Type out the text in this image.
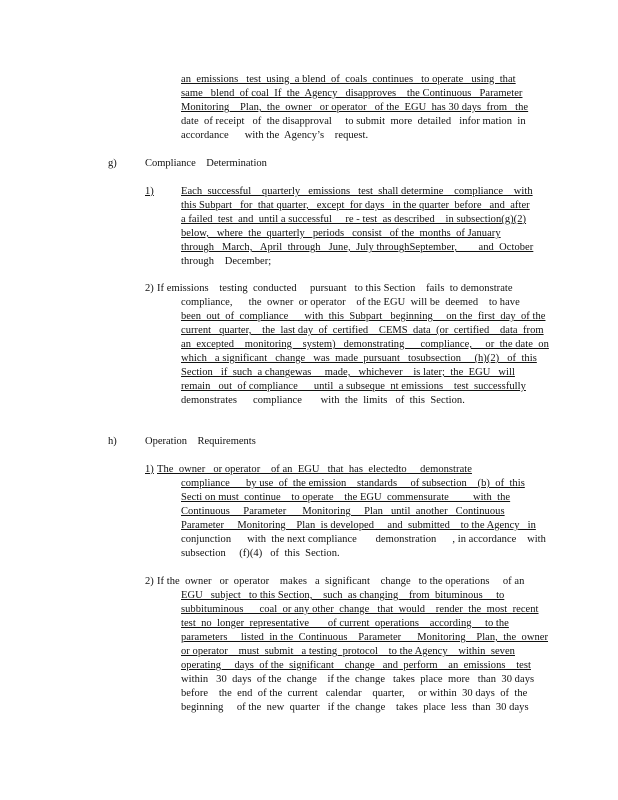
an  emissions   test  using  a blend  of  coals  continues   to operate   using  that
same   blend  of coal  If  the  Agency   disapproves    the Continuous   Parameter
Monitoring    Plan,  the  owner   or operator   of the  EGU  has 30 days  from   the
date  of receipt   of  the disapproval     to submit  more  detailed   infor mation  in
accordance      with the  Agency’s    request.
g)	Compliance    Determination
1)	Each  successful    quarterly   emissions   test  shall determine    compliance    with
this Subpart   for  that quarter,   except  for days   in the quarter  before   and  after
a failed  test  and  until a successful     re - test  as described    in subsection(g)(2)
below,   where  the  quarterly   periods   consist   of the  months  of January
through   March,   April  through   June,  July throughSeptember,        and  October
through    December;
2) If emissions    testing  conducted     pursuant   to this Section    fails  to demonstrate
compliance,      the  owner  or operator    of the EGU  will be  deemed    to have
been  out  of  compliance      with  this  Subpart   beginning     on the  first  day  of the
current   quarter,    the  last day  of  certified    CEMS  data  (or  certified    data  from
an  excepted    monitoring    system)   demonstrating      compliance,     or  the date  on
which   a significant   change   was  made  pursuant   tosubsection     (h)(2)   of  this
Section   if  such  a changewas     made,   whichever    is later;  the  EGU   will
remain   out  of compliance      until  a subseque  nt emissions    test  successfully
demonstrates      compliance       with  the  limits   of  this  Section.
h)	Operation    Requirements
1) The  owner   or operator    of an  EGU   that  has  electedto     demonstrate
compliance      by use  of  the emission    standards     of subsection    (b)  of  this
Secti on must  continue    to operate    the EGU  commensurate         with  the
Continuous     Parameter      Monitoring     Plan   until  another   Continuous
Parameter     Monitoring    Plan  is developed     and  submitted    to the Agency   in
conjunction      with  the next compliance       demonstration      , in accordance    with
subsection     (f)(4)   of  this  Section.
2) If the  owner   or  operator    makes   a  significant    change   to the operations     of an
EGU   subject   to this Section,    such  as changing    from  bituminous     to
subbituminous      coal  or any other  change   that  would    render  the  most  recent
test  no  longer  representative       of current  operations    according     to the
parameters     listed  in the  Continuous    Parameter      Monitoring    Plan,  the  owner
or operator    must  submit   a testing  protocol    to the Agency    within  seven
operating     days  of the  significant    change   and  perform    an  emissions    test
within   30  days  of the  change    if the  change   takes  place  more   than  30 days
before    the  end  of the  current   calendar    quarter,     or within  30 days  of  the
beginning     of the  new  quarter   if the  change    takes  place  less  than  30 days
